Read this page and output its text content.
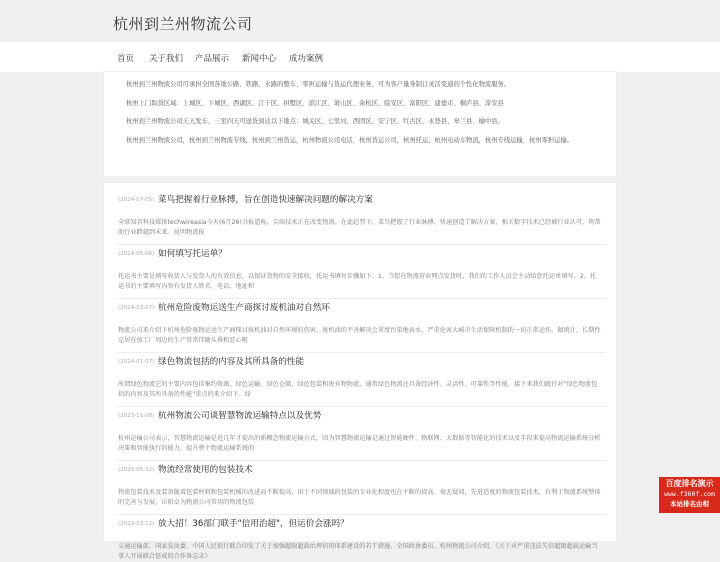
杭州到兰州物流公司
首页 关于我们 产品展示 新闻中心 成功案例

杭州到兰州物流公司可承担全国各地公路、铁路、水路的整车、零担运输与货运代理业务，可为客户量身制订灵活变通的个性化物流服务。

杭州上门取货区域：上城区、下城区、西湖区、江干区、拱墅区、滨江区、萧山区、余杭区、临安区、富阳区、建德市、桐庐县、淳安县

杭州到兰州物流公司天天发车，三至四天可送货到达以下地点：城关区、七里河、西固区、安宁区、红古区、永登县、皋兰县、榆中县。

杭州到兰州物流公司，杭州到兰州物流专线，杭州到兰州货运，杭州物流公司电话，杭州货运公司，杭州托运，杭州电动车物流，杭州专线运输，杭州零担运输。

(2024-07-05) 菜鸟把握着行业脉搏，旨在创造快速解决问题的解决方案
全球知名科技媒体techwireasia今天(6月26日)报道称，尖端技术正在改变物流。在此趋势下，菜鸟把握了行业脉搏，快速创造了解决方案，相关数字技术已经被行业认可，将帮助行业跨越到未来。昆明物流报
(2024-05-06) 如何填写托运单？
托运书主要是填写收货人与发货人的有效信息，以保证货物的安全接收，托运书填写步骤如下：1、当您在物流营业网点发货时，我们的工作人员会主动给您托运单填写。2、托运书的主要填写内容有发货人姓名、电话、地址和
(2024-03-07) 杭州危险废物运送生产商探讨废机油对自然环
物流公司来介绍下杭州危险废物运送生产商探讨废机油对自然环境的伤害，废机油的不善解决会重度污染地表水，严重危害大城市生活保障机制的一切正常运作。据统计，长期性定居在加工厂周边的生产常常伴随头昏和恶心呕
(2024-01-07) 绿色物流包括的内容及其所具备的性能
所谓绿色物流它的主要内容包括集约资源、绿色运输、绿色仓储、绿色包装和废弃物物流，通常绿色物流还具备经济性、灵活性、可靠性等性能，接下来我们就针对"绿色物流包括的内容及其所具备的性能"重点的来介绍下。绿
(2023-11-08) 杭州物流公司谈智慧物流运输特点以及优势
杭州运输公司表示，智慧物流运输是近几年才提出的新概念物流运输方式，因为智慧物流运输是通过智能硬件、物联网、大数据等智能化的技术以及手段来提高物流运输系统分析决策和智能执行的能力，提升整个物流运输系统的
(2023-05-12) 物流经常使用的包装技术
物流包装技术及装备随着包装材料和包装机械的改进而不断提高，用于不同领域的包装的专业化程度也在不断的提高。毫无疑问，先进适度的物流包装技术，有利于物流系统整体的完善与发展。岳阳卓为物流公司常用的物流包装
(2023-03-12) 放大招！36部门联手"信用治超"，但运价会涨吗？
交通运输部、国家发改委、中国人民银行联合印发了关于加强超限超载治理信用体系建设的若干措施，全国政协委员、杭州物流公司介绍，《关于对严重违法失信超限超载运输当事人开展联合惩戒的合作备忘录》
百度排名演示
www.f360f.com
本站排名由相
